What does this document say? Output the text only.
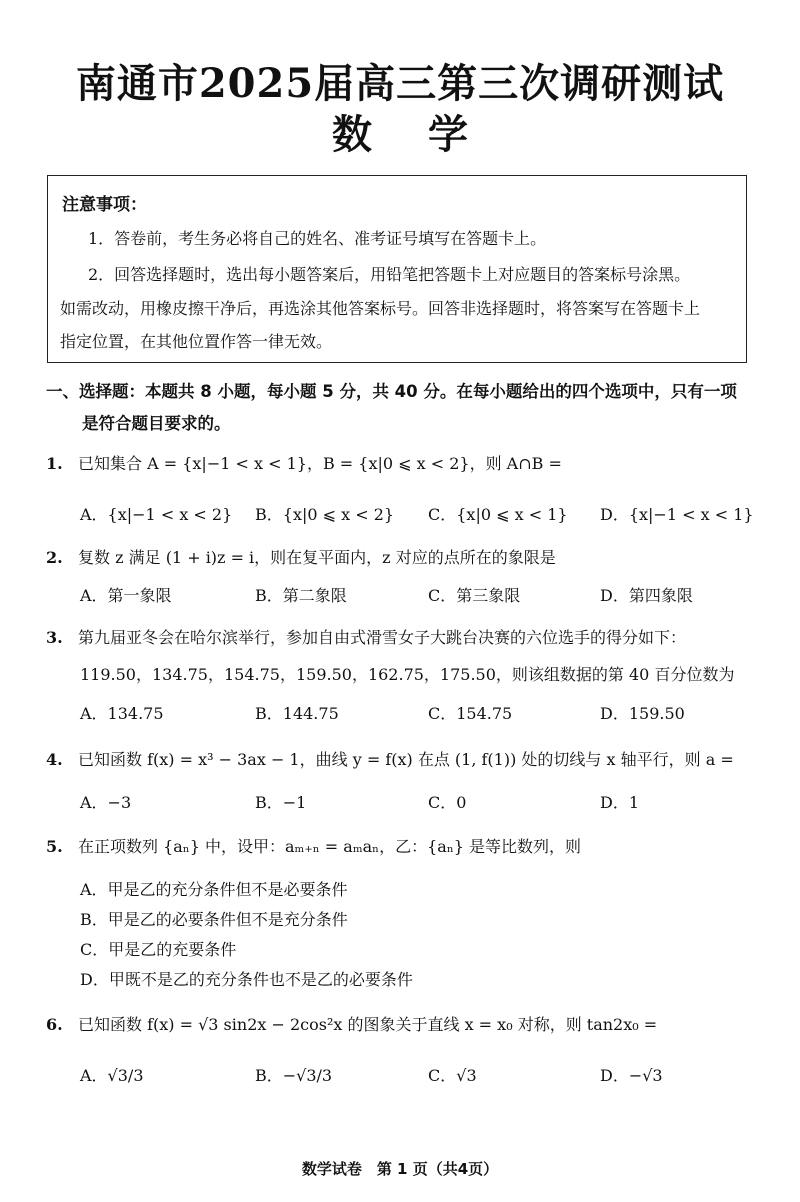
南通市2025届高三第三次调研测试
数学
注意事项：
1．答卷前，考生务必将自己的姓名、准考证号填写在答题卡上。
2．回答选择题时，选出每小题答案后，用铅笔把答题卡上对应题目的答案标号涂黑。
如需改动，用橡皮擦干净后，再选涂其他答案标号。回答非选择题时，将答案写在答题卡上
指定位置，在其他位置作答一律无效。
一、选择题：本题共 8 小题，每小题 5 分，共 40 分。在每小题给出的四个选项中，只有一项
是符合题目要求的。
1. 已知集合 A = {x|−1 < x < 1}，B = {x|0 ⩽ x < 2}，则 A∩B =
A．{x|−1 < x < 2} B．{x|0 ⩽ x < 2} C．{x|0 ⩽ x < 1} D．{x|−1 < x < 1}
2. 复数 z 满足 (1 + i)z = i，则在复平面内，z 对应的点所在的象限是
A．第一象限	B．第二象限	C．第三象限	D．第四象限
3. 第九届亚冬会在哈尔滨举行，参加自由式滑雪女子大跳台决赛的六位选手的得分如下：
119.50，134.75，154.75，159.50，162.75，175.50，则该组数据的第 40 百分位数为
A．134.75	B．144.75	C．154.75	D．159.50
4. 已知函数 f(x) = x³ − 3ax − 1，曲线 y = f(x) 在点 (1, f(1)) 处的切线与 x 轴平行，则 a =
A．−3	B．−1	C．0	D．1
5. 在正项数列 {aₙ} 中，设甲：aₘ₊ₙ = aₘaₙ，乙：{aₙ} 是等比数列，则
A．甲是乙的充分条件但不是必要条件
B．甲是乙的必要条件但不是充分条件
C．甲是乙的充要条件
D．甲既不是乙的充分条件也不是乙的必要条件
6. 已知函数 f(x) = √3 sin2x − 2cos²x 的图象关于直线 x = x₀ 对称，则 tan2x₀ =
A．√3/3	B．−√3/3	C．√3	D．−√3
数学试卷　第 1 页（共4页）
